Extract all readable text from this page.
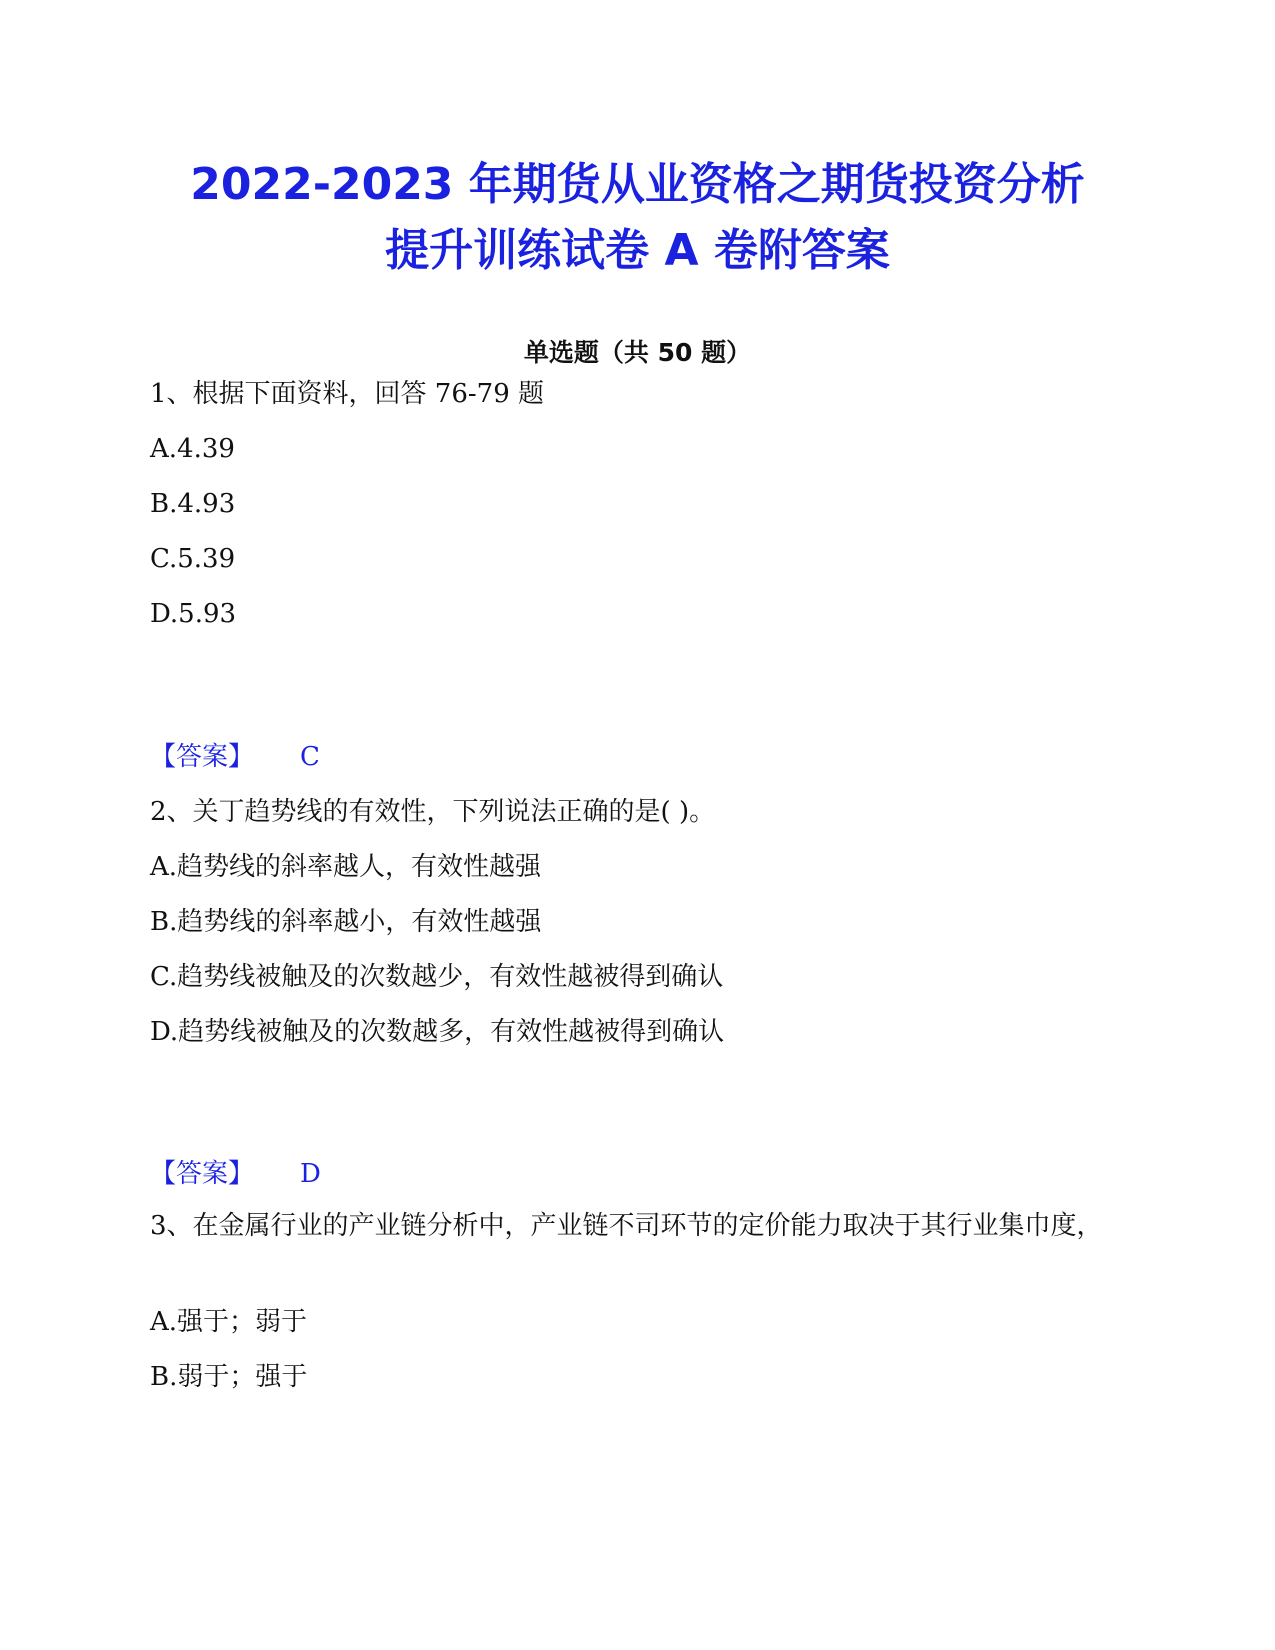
2022-2023 年期货从业资格之期货投资分析
提升训练试卷 A 卷附答案
单选题（共 50 题）
1、根据下面资料，回答 76-79 题
A.4.39
B.4.93
C.5.39
D.5.93
【答案】 C
2、关丁趋势线的有效性，下列说法正确的是( )。
A.趋势线的斜率越人，有效性越强
B.趋势线的斜率越小，有效性越强
C.趋势线被触及的次数越少，有效性越被得到确认
D.趋势线被触及的次数越多，有效性越被得到确认
【答案】 D
3、在金属行业的产业链分析中，产业链不司环节的定价能力取决于其行业集巾度，
A.强于；弱于
B.弱于；强于
